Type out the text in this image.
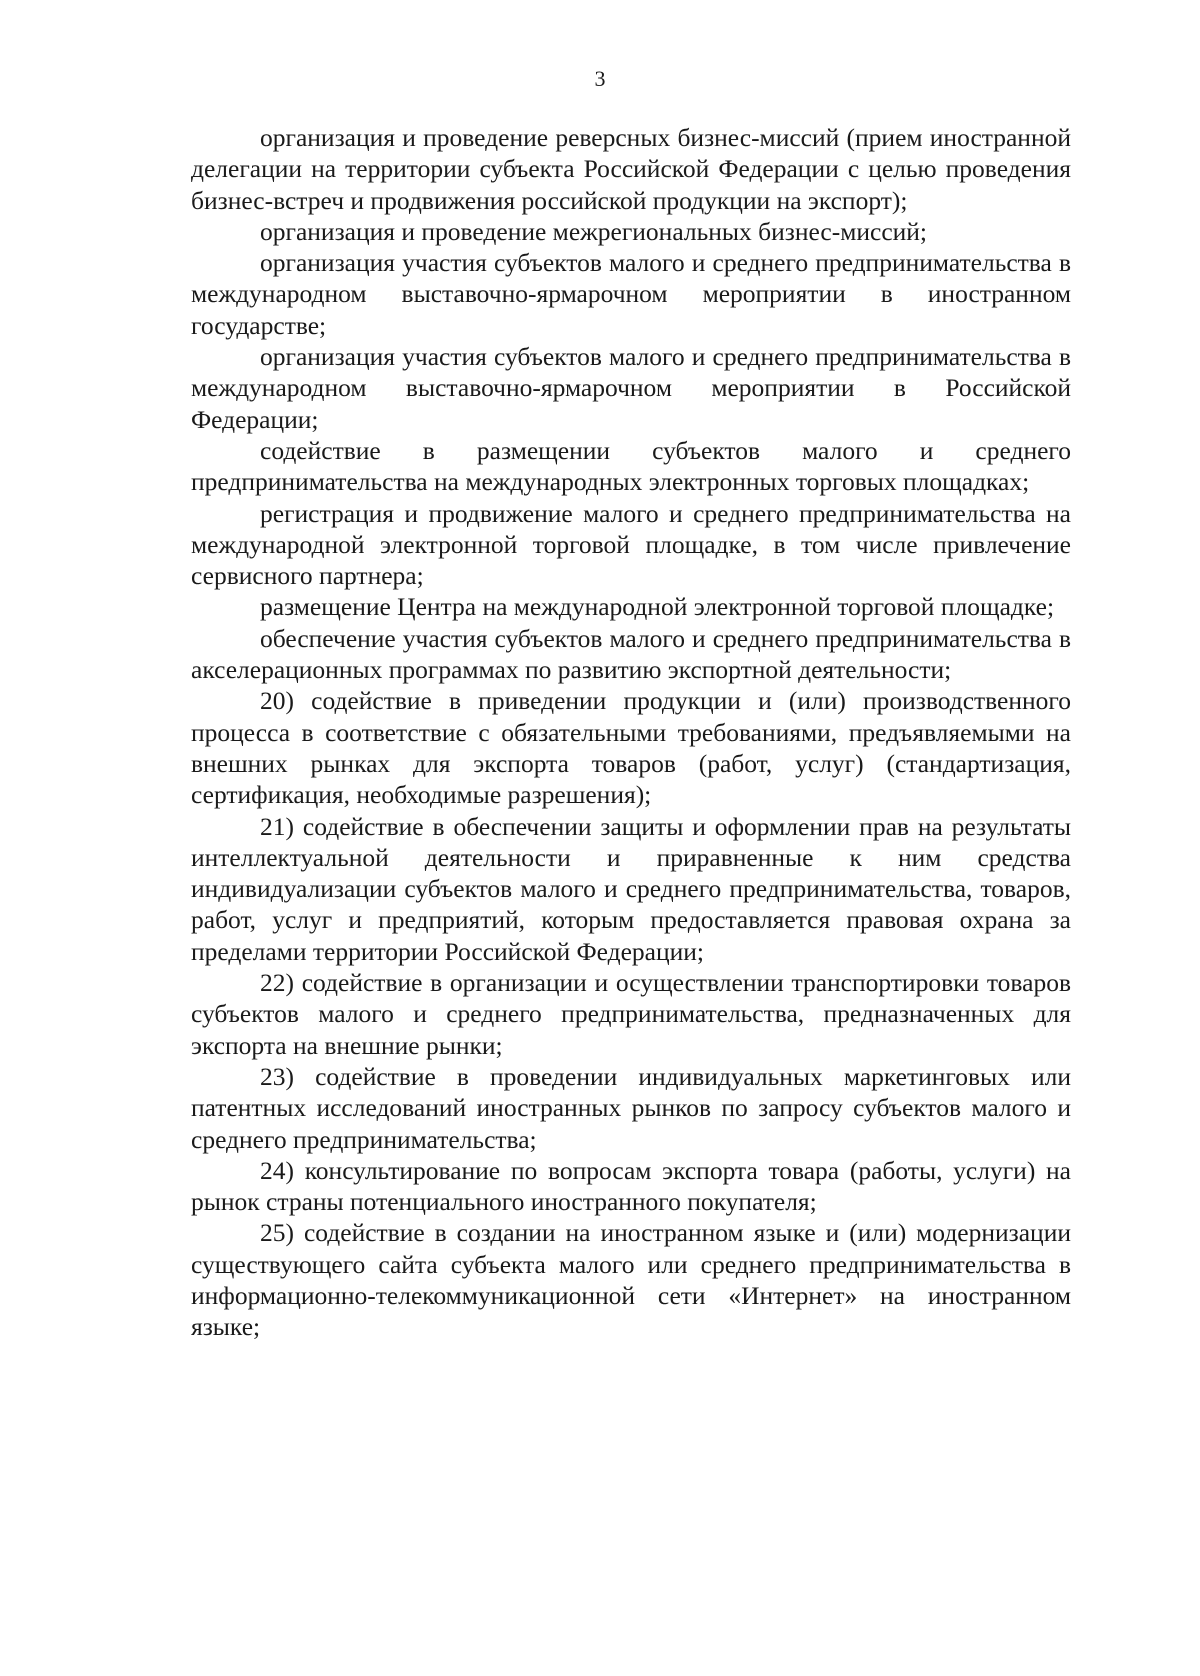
3

организация и проведение реверсных бизнес-миссий (прием иностранной делегации на территории субъекта Российской Федерации с целью проведения бизнес-встреч и продвижения российской продукции на экспорт);

организация и проведение межрегиональных бизнес-миссий;

организация участия субъектов малого и среднего предпринимательства в международном выставочно-ярмарочном мероприятии в иностранном государстве;

организация участия субъектов малого и среднего предпринимательства в международном выставочно-ярмарочном мероприятии в Российской Федерации;

содействие в размещении субъектов малого и среднего предпринимательства на международных электронных торговых площадках;

регистрация и продвижение малого и среднего предпринимательства на международной электронной торговой площадке, в том числе привлечение сервисного партнера;

размещение Центра на международной электронной торговой площадке;

обеспечение участия субъектов малого и среднего предпринимательства в акселерационных программах по развитию экспортной деятельности;

20) содействие в приведении продукции и (или) производственного процесса в соответствие с обязательными требованиями, предъявляемыми на внешних рынках для экспорта товаров (работ, услуг) (стандартизация, сертификация, необходимые разрешения);

21) содействие в обеспечении защиты и оформлении прав на результаты интеллектуальной деятельности и приравненные к ним средства индивидуализации субъектов малого и среднего предпринимательства, товаров, работ, услуг и предприятий, которым предоставляется правовая охрана за пределами территории Российской Федерации;

22) содействие в организации и осуществлении транспортировки товаров субъектов малого и среднего предпринимательства, предназначенных для экспорта на внешние рынки;

23) содействие в проведении индивидуальных маркетинговых или патентных исследований иностранных рынков по запросу субъектов малого и среднего предпринимательства;

24) консультирование по вопросам экспорта товара (работы, услуги) на рынок страны потенциального иностранного покупателя;

25) содействие в создании на иностранном языке и (или) модернизации существующего сайта субъекта малого или среднего предпринимательства в информационно-телекоммуникационной сети «Интернет» на иностранном языке;
